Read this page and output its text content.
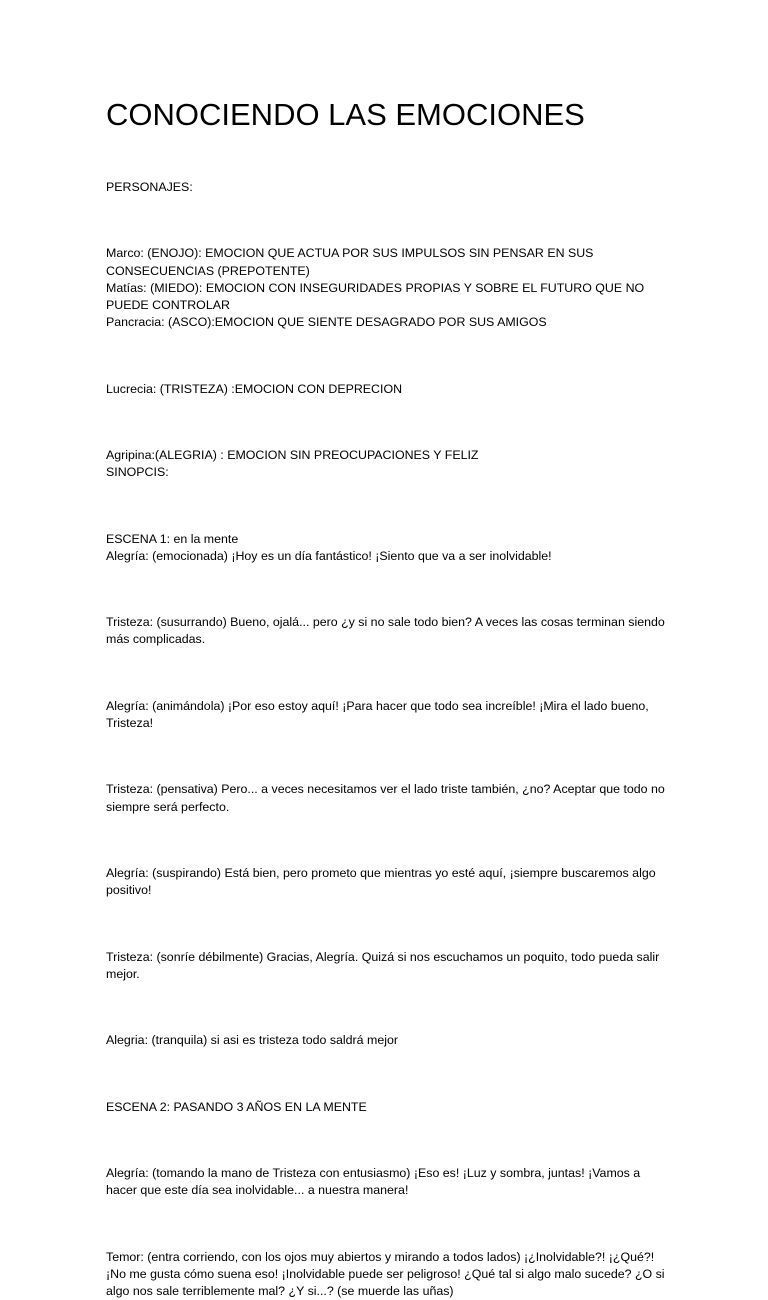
CONOCIENDO LAS EMOCIONES

PERSONAJES:

Marco: (ENOJO): EMOCION QUE ACTUA POR SUS IMPULSOS SIN PENSAR EN SUS CONSECUENCIAS (PREPOTENTE)

Matías: (MIEDO): EMOCION CON INSEGURIDADES PROPIAS Y SOBRE EL FUTURO QUE NO PUEDE CONTROLAR

Pancracia: (ASCO):EMOCION QUE SIENTE DESAGRADO POR SUS AMIGOS

Lucrecia: (TRISTEZA) :EMOCION CON DEPRECION

Agripina:(ALEGRIA) : EMOCION SIN PREOCUPACIONES Y FELIZ

SINOPCIS:

ESCENA 1: en la mente

Alegría: (emocionada) ¡Hoy es un día fantástico! ¡Siento que va a ser inolvidable!

Tristeza: (susurrando) Bueno, ojalá... pero ¿y si no sale todo bien? A veces las cosas terminan siendo más complicadas.

Alegría: (animándola) ¡Por eso estoy aquí! ¡Para hacer que todo sea increíble! ¡Mira el lado bueno, Tristeza!

Tristeza: (pensativa) Pero... a veces necesitamos ver el lado triste también, ¿no? Aceptar que todo no siempre será perfecto.

Alegría: (suspirando) Está bien, pero prometo que mientras yo esté aquí, ¡siempre buscaremos algo positivo!

Tristeza: (sonríe débilmente) Gracias, Alegría. Quizá si nos escuchamos un poquito, todo pueda salir mejor.

Alegria: (tranquila) si asi es tristeza todo saldrá mejor

ESCENA 2: PASANDO 3 AÑOS EN LA MENTE

Alegría: (tomando la mano de Tristeza con entusiasmo) ¡Eso es! ¡Luz y sombra, juntas! ¡Vamos a hacer que este día sea inolvidable... a nuestra manera!

Temor: (entra corriendo, con los ojos muy abiertos y mirando a todos lados) ¡¿Inolvidable?! ¡¿Qué?! ¡No me gusta cómo suena eso! ¡Inolvidable puede ser peligroso! ¿Qué tal si algo malo sucede? ¿O si algo nos sale terriblemente mal? ¿Y si...? (se muerde las uñas)
